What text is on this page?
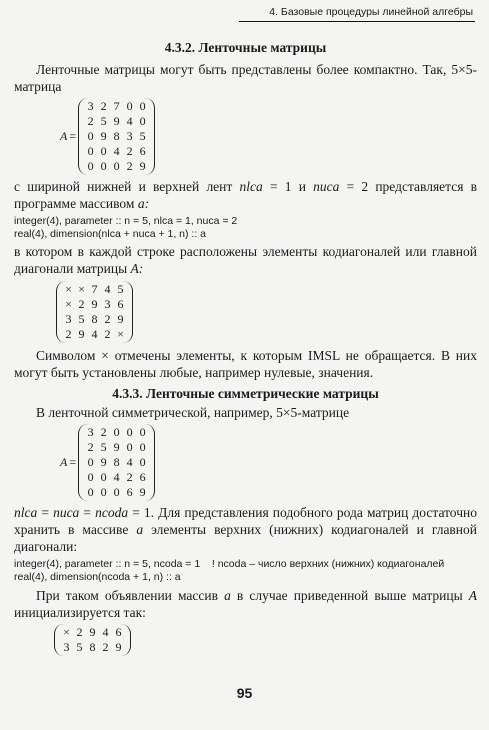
4. Базовые процедуры линейной алгебры
4.3.2. Ленточные матрицы

Ленточные матрицы могут быть представлены более компактно. Так, 5×5-матрица

A =
3 2 7 0 0
2 5 9 4 0
0 9 8 3 5
0 0 4 2 6
0 0 0 2 9

с шириной нижней и верхней лент nlca = 1 и nuca = 2 представляется в программе массивом a:

integer(4), parameter :: n = 5, nlca = 1, nuca = 2
real(4), dimension(nlca + nuca + 1, n) :: a

в котором в каждой строке расположены элементы кодиагоналей или главной диагонали матрицы A:

× × 7 4 5
× 2 9 3 6
3 5 8 2 9
2 9 4 2 ×

Символом × отмечены элементы, к которым IMSL не обращается. В них могут быть установлены любые, например нулевые, значения.

4.3.3. Ленточные симметрические матрицы

В ленточной симметрической, например, 5×5-матрице

A =
3 2 0 0 0
2 5 9 0 0
0 9 8 4 0
0 0 4 2 6
0 0 0 6 9

nlca = nuca = ncoda = 1. Для представления подобного рода матриц достаточно хранить в массиве a элементы верхних (нижних) кодиагоналей и главной диагонали:

integer(4), parameter :: n = 5, ncoda = 1    ! ncoda – число верхних (нижних) кодиагоналей
real(4), dimension(ncoda + 1, n) :: a

При таком объявлении массив a в случае приведенной выше матрицы A инициализируется так:

× 2 9 4 6
3 5 8 2 9
95
